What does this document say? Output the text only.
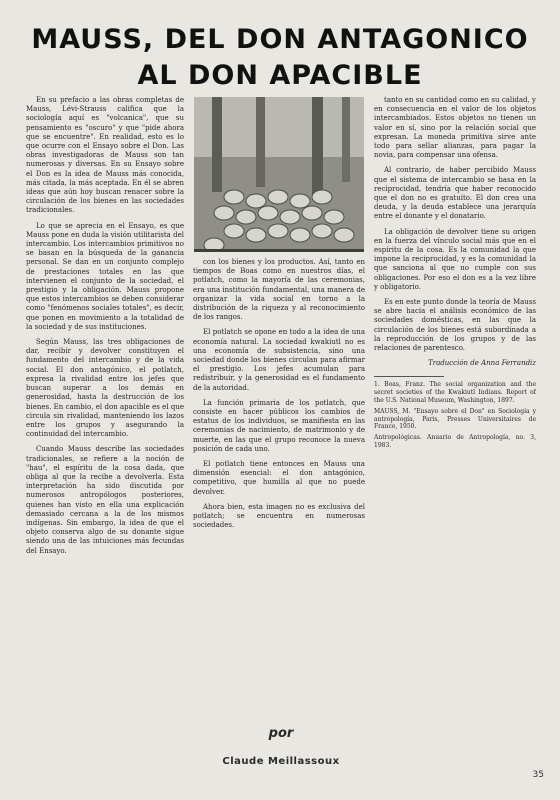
MAUSS, DEL DON ANTAGONICO
AL DON APACIBLE

En su prefacio a las obras completas de Mauss, Lévi-Strauss califica que la sociología aquí es "volcanica", que su pensamiento es "oscuro" y que "pide ahora que se encuentre". En realidad, esto es lo que ocurre con el Ensayo sobre el Don. Las obras investigadoras de Mauss son tan numerosas y diversas. En su Ensayo sobre el Don es la idea de Mauss más conocida, más citada, la más aceptada. En él se abren ideas que aún hoy buscan renacer sobre la circulación de los bienes en las sociedades tradicionales.

Lo que se aprecia en el Ensayo, es que Mauss pone en duda la visión utilitarista del intercambio. Los intercambios primitivos no se basan en la búsqueda de la ganancia personal. Se dan en un conjunto complejo de prestaciones totales en las que intervienen el conjunto de la sociedad, el prestigio y la obligación. Mauss propone que estos intercambios se deben considerar como "fenómenos sociales totales", es decir, que ponen en movimiento a la totalidad de la sociedad y de sus instituciones.

Según Mauss, las tres obligaciones de dar, recibir y devolver constituyen el fundamento del intercambio y de la vida social. El don antagónico, el potlatch, expresa la rivalidad entre los jefes que buscan superar a los demás en generosidad, hasta la destrucción de los bienes. En cambio, el don apacible es el que circula sin rivalidad, manteniendo los lazos entre los grupos y asegurando la continuidad del intercambio.

Cuando Mauss describe las sociedades tradicionales, se refiere a la noción de "hau", el espíritu de la cosa dada, que obliga al que la recibe a devolverla. Esta interpretación ha sido discutida por numerosos antropólogos posteriores, quienes han visto en ella una explicación demasiado cercana a la de los mismos indígenas. Sin embargo, la idea de que el objeto conserva algo de su donante sigue siendo una de las intuiciones más fecundas del Ensayo.

con los bienes y los productos. Así, tanto en tiempos de Boas como en nuestros días, el potlatch, como la mayoría de las ceremonias, era una institución fundamental, una manera de organizar la vida social en torno a la distribución de la riqueza y al reconocimiento de los rangos.

El potlatch se opone en todo a la idea de una economía natural. La sociedad kwakiutl no es una economía de subsistencia, sino una sociedad donde los bienes circulan para afirmar el prestigio. Los jefes acumulan para redistribuir, y la generosidad es el fundamento de la autoridad.

La función primaria de los potlatch, que consiste en hacer públicos los cambios de estatus de los individuos, se manifiesta en las ceremonias de nacimiento, de matrimonio y de muerte, en las que el grupo reconoce la nueva posición de cada uno.

El potlatch tiene entonces en Mauss una dimensión esencial: el don antagónico, competitivo, que humilla al que no puede devolver.

Ahora bien, esta imagen no es exclusiva del potlatch; se encuentra en numerosas sociedades.

por
Claude Meillassoux

tanto en su cantidad como en su calidad, y en consecuencia en el valor de los objetos intercambiados. Estos objetos no tienen un valor en sí, sino por la relación social que expresan. La moneda primitiva sirve ante todo para sellar alianzas, para pagar la novia, para compensar una ofensa.

Al contrario, de haber percibido Mauss que el sistema de intercambio se basa en la reciprocidad, tendría que haber reconocido que el don no es gratuito. El don crea una deuda, y la deuda establece una jerarquía entre el donante y el donatario.

La obligación de devolver tiene su origen en la fuerza del vínculo social más que en el espíritu de la cosa. Es la comunidad la que impone la reciprocidad, y es la comunidad la que sanciona al que no cumple con sus obligaciones. Por eso el don es a la vez libre y obligatorio.

Es en este punto donde la teoría de Mauss se abre hacia el análisis económico de las sociedades domésticas, en las que la circulación de los bienes está subordinada a la reproducción de los grupos y de las relaciones de parentesco.

Traducción de Anna Ferrandiz

1. Boas, Franz. The social organization and the secret societies of the Kwakiutl Indians. Report of the U.S. National Museum, Washington, 1897.

MAUSS, M. "Ensayo sobre el Don" en Sociología y antropología, Paris, Presses Universitaires de France, 1950.

Antropológicas. Anuario de Antropología, no. 3, 1983.

35
